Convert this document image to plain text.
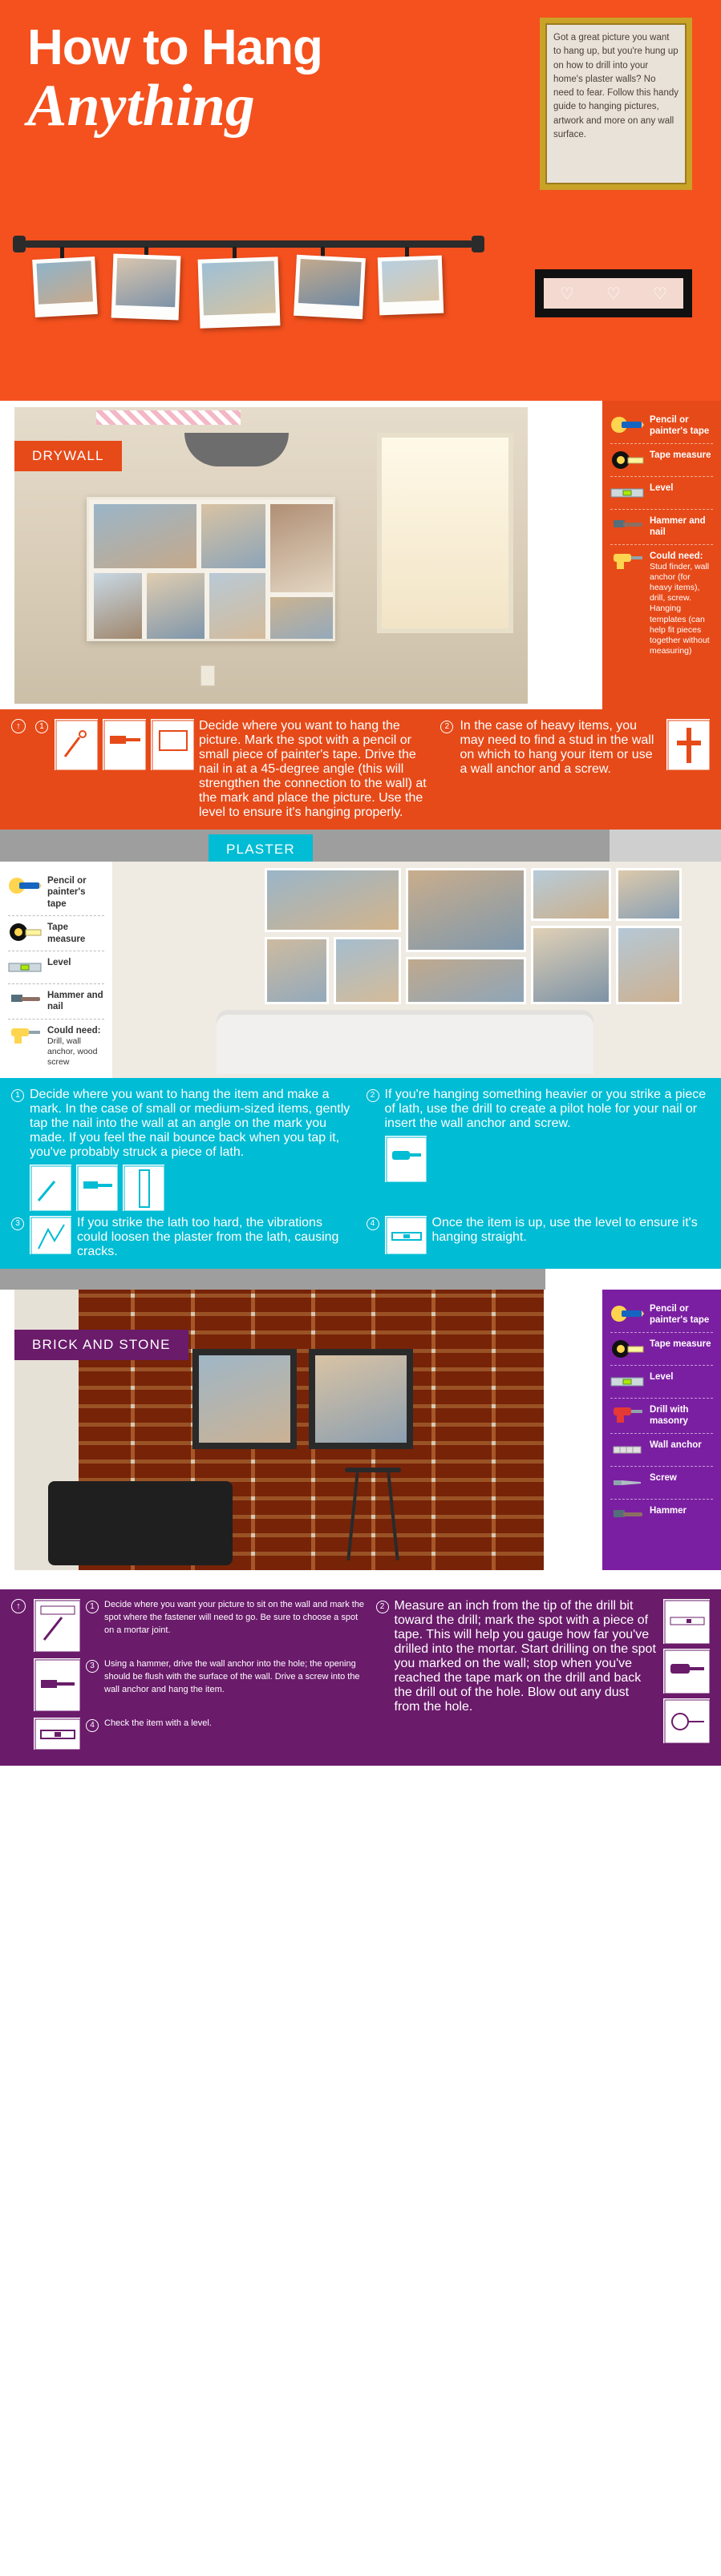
How to Hang
Anything

Got a great picture you want to hang up, but you're hung up on how to drill into your home's plaster walls? No need to fear. Follow this handy guide to hanging pictures, artwork and more on any wall surface.

♡ ♡ ♡
DRYWALL
Pencil or painter's tape
Tape measure
Level
Hammer and nail
Could need:
Stud finder, wall anchor (for heavy items), drill, screw. Hanging templates (can help fit pieces together without measuring)
↑	1	Decide where you want to hang the picture. Mark the spot with a pencil or small piece of painter's tape. Drive the nail in at a 45-degree angle (this will strengthen the connection to the wall) at the mark and place the picture. Use the level to ensure it's hanging properly.

2 In the case of heavy items, you may need to find a stud in the wall on which to hang your item or use a wall anchor and a screw.

PLASTER
Pencil or painter's tape
Tape measure
Level
Hammer and nail
Could need:
Drill, wall anchor, wood screw
1 Decide where you want to hang the item and make a mark. In the case of small or medium-sized items, gently tap the nail into the wall at an angle on the mark you made. If you feel the nail bounce back when you tap it, you've probably struck a piece of lath.

2 If you're hanging something heavier or you strike a piece of lath, use the drill to create a pilot hole for your nail or insert the wall anchor and screw.

3	If you strike the lath too hard, the vibrations could loosen the plaster from the lath, causing cracks.

4	Once the item is up, use the level to ensure it's hanging straight.

BRICK AND STONE
Pencil or painter's tape
Tape measure
Level
Drill with masonry
Wall anchor
Screw
Hammer
↑	1	Decide where you want your picture to sit on the wall and mark the spot where the fastener will need to go. Be sure to choose a spot on a mortar joint.

3	Using a hammer, drive the wall anchor into the hole; the opening should be flush with the surface of the wall. Drive a screw into the wall anchor and hang the item.

4	Check the item with a level.

2 Measure an inch from the tip of the drill bit toward the drill; mark the spot with a piece of tape. This will help you gauge how far you've drilled into the mortar. Start drilling on the spot you marked on the wall; stop when you've reached the tape mark on the drill and back the drill out of the hole. Blow out any dust from the hole.
